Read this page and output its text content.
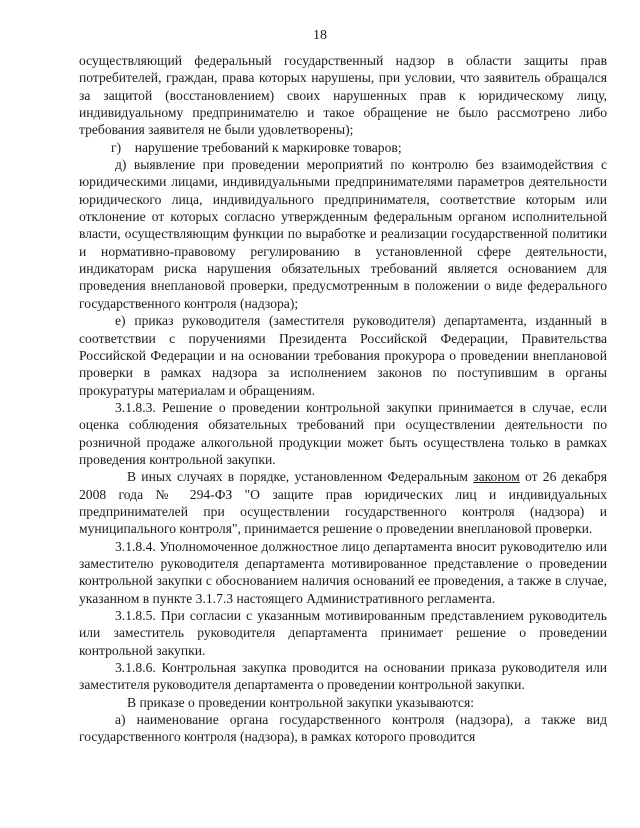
18

осуществляющий федеральный государственный надзор в области защиты прав потребителей, граждан, права которых нарушены, при условии, что заявитель обращался за защитой (восстановлением) своих нарушенных прав к юридическому лицу, индивидуальному предпринимателю и такое обращение не было рассмотрено либо требования заявителя не были удовлетворены);

г)    нарушение требований к маркировке товаров;

д) выявление при проведении мероприятий по контролю без взаимодействия с юридическими лицами, индивидуальными предпринимателями параметров деятельности юридического лица, индивидуального предпринимателя, соответствие которым или отклонение от которых согласно утвержденным федеральным органом исполнительной власти, осуществляющим функции по выработке и реализации государственной политики и нормативно-правовому регулированию в установленной сфере деятельности, индикаторам риска нарушения обязательных требований является основанием для проведения внеплановой проверки, предусмотренным в положении о виде федерального государственного контроля (надзора);

е) приказ руководителя (заместителя руководителя) департамента, изданный в соответствии с поручениями Президента Российской Федерации, Правительства Российской Федерации и на основании требования прокурора о проведении внеплановой проверки в рамках надзора за исполнением законов по поступившим в органы прокуратуры материалам и обращениям.

3.1.8.3. Решение о проведении контрольной закупки принимается в случае, если оценка соблюдения обязательных требований при осуществлении деятельности по розничной продаже алкогольной продукции может быть осуществлена только в рамках проведения контрольной закупки.

В иных случаях в порядке, установленном Федеральным законом от 26 декабря 2008 года № 294-ФЗ "О защите прав юридических лиц и индивидуальных предпринимателей при осуществлении государственного контроля (надзора) и муниципального контроля", принимается решение о проведении внеплановой проверки.

3.1.8.4. Уполномоченное должностное лицо департамента вносит руководителю или заместителю руководителя департамента мотивированное представление о проведении контрольной закупки с обоснованием наличия оснований ее проведения, а также в случае, указанном в пункте 3.1.7.3 настоящего Административного регламента.

3.1.8.5. При согласии с указанным мотивированным представлением руководитель или заместитель руководителя департамента принимает решение о проведении контрольной закупки.

3.1.8.6. Контрольная закупка проводится на основании приказа руководителя или заместителя руководителя департамента о проведении контрольной закупки.

В приказе о проведении контрольной закупки указываются:

а) наименование органа государственного контроля (надзора), а также вид государственного контроля (надзора), в рамках которого проводится
